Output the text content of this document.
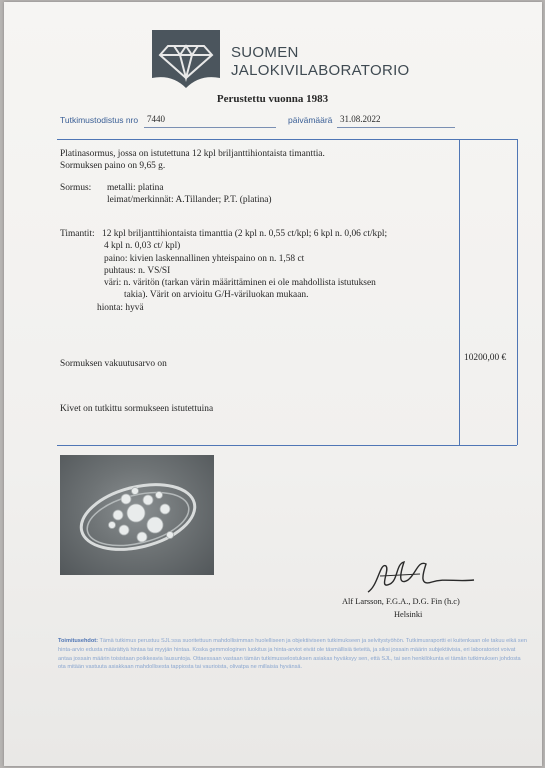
SUOMEN
JALOKIVILABORATORIO
Perustettu vuonna 1983
Tutkimustodistus nro 7440	päivämäärä 31.08.2022
Platinasormus, jossa on istutettuna 12 kpl briljanttihiontaista timanttia.
Sormuksen paino on 9,65 g.
Sormus: metalli: platina
leimat/merkinnät: A.Tillander; P.T. (platina)
Timantit: 12 kpl briljanttihiontaista timanttia (2 kpl n. 0,55 ct/kpl; 6 kpl n. 0,06 ct/kpl;
4 kpl n. 0,03 ct/ kpl)
paino: kivien laskennallinen yhteispaino on n. 1,58 ct
puhtaus: n. VS/SI
väri: n. väritön (tarkan värin määrittäminen ei ole mahdollista istutuksen
takia). Värit on arvioitu G/H-väriluokan mukaan.
hionta: hyvä
Sormuksen vakuutusarvo on
10200,00 €
Kivet on tutkittu sormukseen istutettuina
Alf Larsson, F.G.A., D.G. Fin (h.c)
Helsinki
Toimitusehdot: Tämä tutkimus perustuu SJL:ssa suoritettuun mahdollisimman huolelliseen ja objektiiviseen tutkimukseen ja selvitystyöhön. Tutkimusraportti ei kuitenkaan ole takuu eikä sen hinta-arvio edusta määrättyä hintaa tai myyjän hintaa. Koska gemmologinen luokitus ja hinta-arviot eivät ole täsmällisiä tieteitä, ja siksi jossain määrin subjektiivisia, eri laboratoriot voivat antaa jossain määrin toisistaan poikkeavia lausuntoja. Ottaessaan vastaan tämän tutkimusselostuksen asiakas hyväksyy sen, että SJL, tai sen henkilökunta ei tämän tutkimuksen johdosta ota mitään vastuuta asiakkaan mahdollisesta tappiosta tai vaurioista, olivatpa ne millaisia hyvänsä.
